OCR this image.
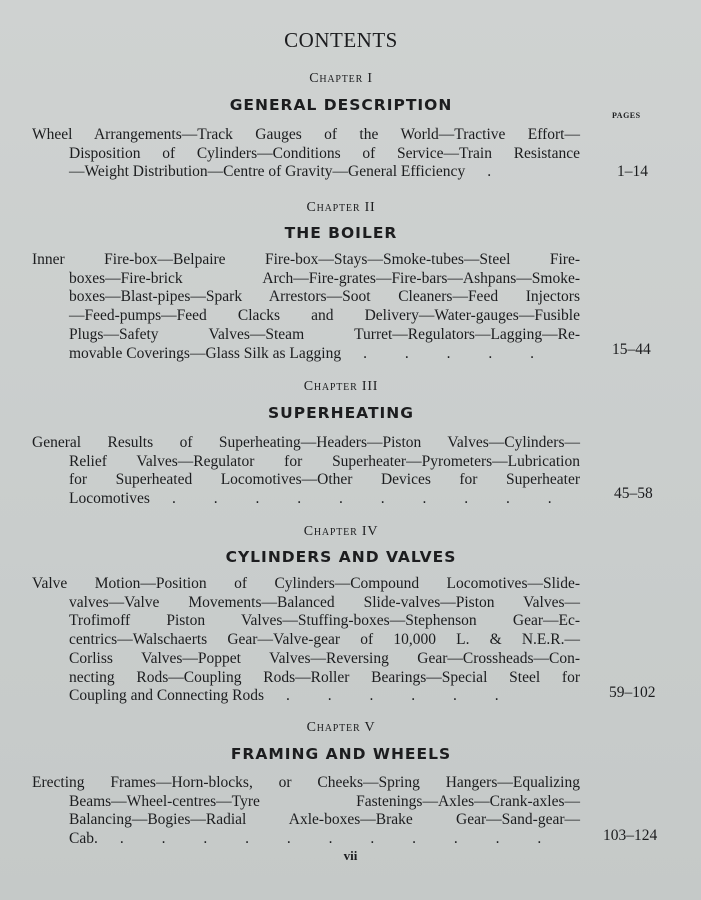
CONTENTS
PAGES
Chapter I
GENERAL DESCRIPTION
Wheel Arrangements—Track Gauges of the World—Tractive Effort—
Disposition of Cylinders—Conditions of Service—Train Resistance
—Weight Distribution—Centre of Gravity—General Efficiency .	1–14
Chapter II
THE BOILER
Inner Fire-box—Belpaire Fire-box—Stays—Smoke-tubes—Steel Fire-
boxes—Fire-brick Arch—Fire-grates—Fire-bars—Ashpans—Smoke-
boxes—Blast-pipes—Spark Arrestors—Soot Cleaners—Feed Injectors
—Feed-pumps—Feed Clacks and Delivery—Water-gauges—Fusible
Plugs—Safety Valves—Steam Turret—Regulators—Lagging—Re-
movable Coverings—Glass Silk as Lagging . . . . .	15–44
Chapter III
SUPERHEATING
General Results of Superheating—Headers—Piston Valves—Cylinders—
Relief Valves—Regulator for Superheater—Pyrometers—Lubrication
for Superheated Locomotives—Other Devices for Superheater
Locomotives . . . . . . . . . .	45–58
Chapter IV
CYLINDERS AND VALVES
Valve Motion—Position of Cylinders—Compound Locomotives—Slide-
valves—Valve Movements—Balanced Slide-valves—Piston Valves—
Trofimoff Piston Valves—Stuffing-boxes—Stephenson Gear—Ec-
centrics—Walschaerts Gear—Valve-gear of 10,000 L. & N.E.R.—
Corliss Valves—Poppet Valves—Reversing Gear—Crossheads—Con-
necting Rods—Coupling Rods—Roller Bearings—Special Steel for
Coupling and Connecting Rods . . . . . .	59–102
Chapter V
FRAMING AND WHEELS
Erecting Frames—Horn-blocks, or Cheeks—Spring Hangers—Equalizing
Beams—Wheel-centres—Tyre Fastenings—Axles—Crank-axles—
Balancing—Bogies—Radial Axle-boxes—Brake Gear—Sand-gear—
Cab. . . . . . . . . . . .	103–124
vii
